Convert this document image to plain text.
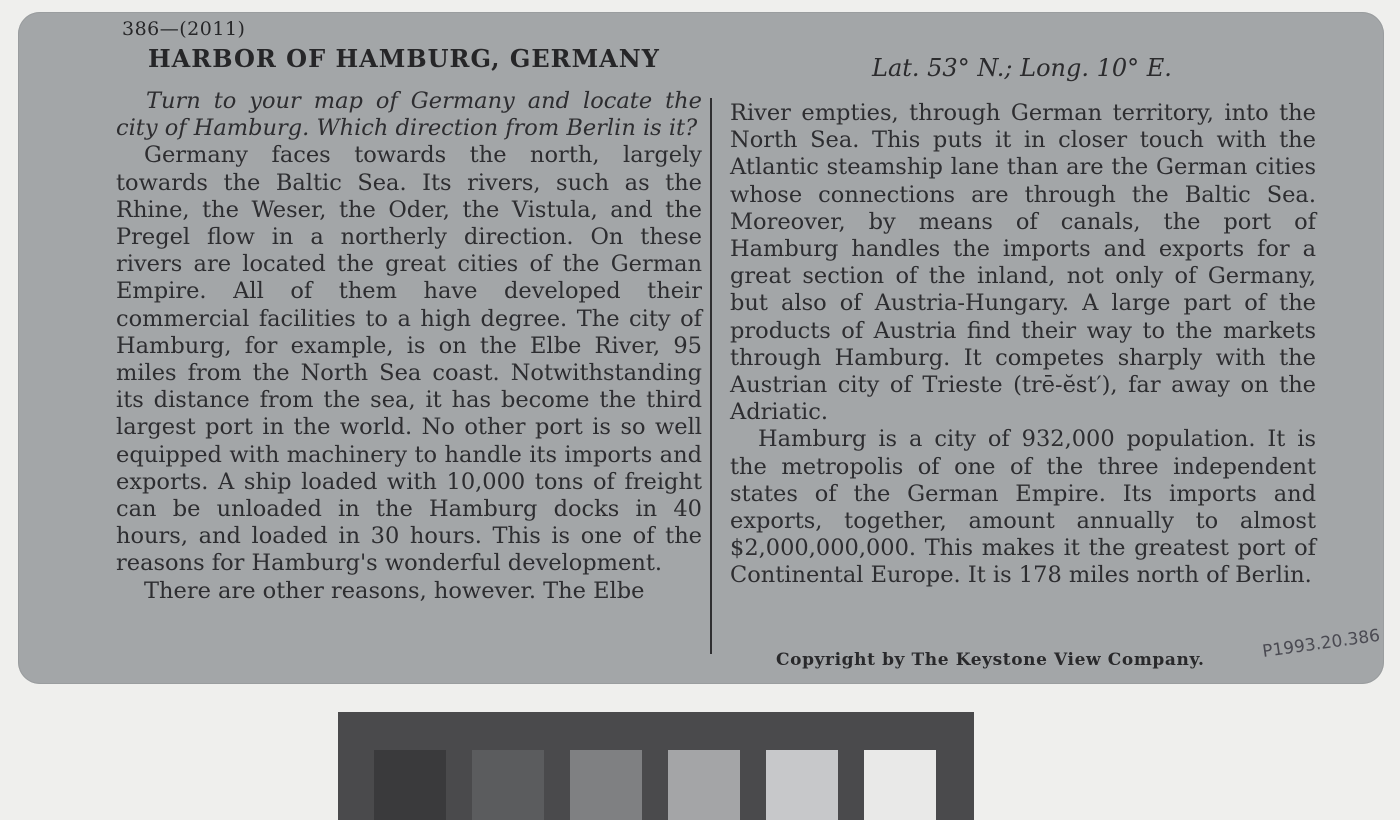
386—(2011)
HARBOR OF HAMBURG, GERMANY	Lat. 53° N.; Long. 10° E.

Turn to your map of Germany and locate the city of Hamburg. Which direction from Berlin is it?

Germany faces towards the north, largely towards the Baltic Sea. Its rivers, such as the Rhine, the Weser, the Oder, the Vistula, and the Pregel flow in a northerly direction. On these rivers are located the great cities of the German Empire. All of them have developed their commercial facilities to a high degree. The city of Hamburg, for example, is on the Elbe River, 95 miles from the North Sea coast. Notwithstanding its distance from the sea, it has become the third largest port in the world. No other port is so well equipped with machinery to handle its imports and exports. A ship loaded with 10,000 tons of freight can be unloaded in the Hamburg docks in 40 hours, and loaded in 30 hours. This is one of the reasons for Hamburg's wonderful development.

There are other reasons, however. The Elbe

River empties, through German territory, into the North Sea. This puts it in closer touch with the Atlantic steamship lane than are the German cities whose connections are through the Baltic Sea. Moreover, by means of canals, the port of Hamburg handles the imports and exports for a great section of the inland, not only of Germany, but also of Austria-Hungary. A large part of the products of Austria find their way to the markets through Hamburg. It competes sharply with the Austrian city of Trieste (trē-ĕst′), far away on the Adriatic.

Hamburg is a city of 932,000 population. It is the metropolis of one of the three independent states of the German Empire. Its imports and exports, together, amount annually to almost $2,000,000,000. This makes it the greatest port of Continental Europe. It is 178 miles north of Berlin.

Copyright by The Keystone View Company.	P1993.20.386
